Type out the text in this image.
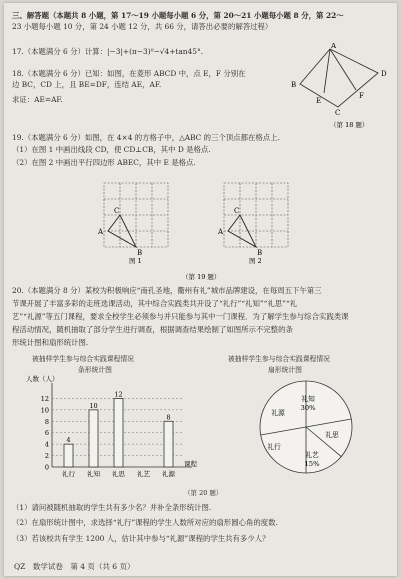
三、解答题（本题共 8 小题，第 17～19 小题每小题 6 分，第 20～21 小题每小题 8 分，第 22～
23 小题每小题 10 分，第 24 小题 12 分，共 66 分，请答出必要的解答过程）
17.（本题满分 6 分）计算：|−3|+(π−3)⁰−√4+tan45°.
18.（本题满分 6 分）已知：如图，在菱形 ABCD 中，点 E，F 分别在
边 BC，CD 上，且 BE=DF，连结 AE，AF.
求证：AE=AF.
A
B
C
D
E
F
（第 18 题）
19.（本题满分 6 分）如图，在 4×4 的方格子中，△ABC 的三个顶点都在格点上.
（1）在图 1 中画出线段 CD，使 CD⊥CB，其中 D 是格点.
（2）在图 2 中画出平行四边形 ABEC，其中 E 是格点.
C
A
B
图 1
C
A
B
图 2
（第 19 题）
20.（本题满分 8 分）某校为积极响应“南孔圣地，衢州有礼”城市品牌建设，在每周五下午第三
节课开展了丰富多彩的走班选课活动，其中综合实践类共开设了“礼行”“礼知”“礼思”“礼
艺”“礼源”等五门课程，要求全校学生必须参与并只能参与其中一门课程．为了解学生参与综合实践类课
程活动情况，随机抽取了部分学生进行调查，根据调查结果绘制了如图所示不完整的条
形统计图和扇形统计图.
被抽样学生参与综合实践课程情况
条形统计图
人数（人）
0
2
4
6
8
10
12
4
礼行
10
礼知
12
礼思 礼艺
8
礼源
课程
被抽样学生参与综合实践课程情况
扇形统计图
礼知
30%
礼思
礼艺
15%
礼行
礼源
（第 20 题）
（1）请问被随机抽取的学生共有多少名？并补全条形统计图.
（2）在扇形统计图中，求选择“礼行”课程的学生人数所对应的扇形圆心角的度数.
（3）若该校共有学生 1200 人，估计其中参与“礼源”课程的学生共有多少人？
QZ　数学试卷　第 4 页（共 6 页）
